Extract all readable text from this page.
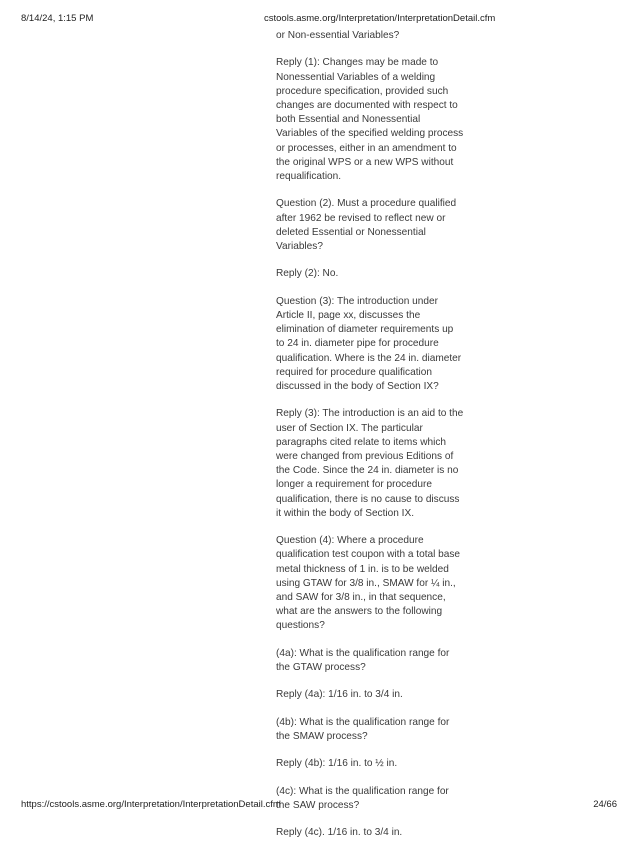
8/14/24, 1:15 PM	cstools.asme.org/Interpretation/InterpretationDetail.cfm

or Non-essential Variables?

Reply (1): Changes may be made to Nonessential Variables of a welding procedure specification, provided such changes are documented with respect to both Essential and Nonessential Variables of the specified welding process or processes, either in an amendment to the original WPS or a new WPS without requalification.

Question (2). Must a procedure qualified after 1962 be revised to reflect new or deleted Essential or Nonessential Variables?

Reply (2): No.

Question (3): The introduction under Article II, page xx, discusses the elimination of diameter requirements up to 24 in. diameter pipe for procedure qualification. Where is the 24 in. diameter required for procedure qualification discussed in the body of Section IX?

Reply (3): The introduction is an aid to the user of Section IX. The particular paragraphs cited relate to items which were changed from previous Editions of the Code. Since the 24 in. diameter is no longer a requirement for procedure qualification, there is no cause to discuss it within the body of Section IX.

Question (4): Where a procedure qualification test coupon with a total base metal thickness of 1 in. is to be welded using GTAW for 3/8 in., SMAW for ¼ in., and SAW for 3/8 in., in that sequence, what are the answers to the following questions?

(4a): What is the qualification range for the GTAW process?

Reply (4a): 1/16 in. to 3/4 in.

(4b): What is the qualification range for the SMAW process?

Reply (4b): 1/16 in. to ½ in.

(4c): What is the qualification range for the SAW process?

Reply (4c). 1/16 in. to 3/4 in.

https://cstools.asme.org/Interpretation/InterpretationDetail.cfm	24/66
